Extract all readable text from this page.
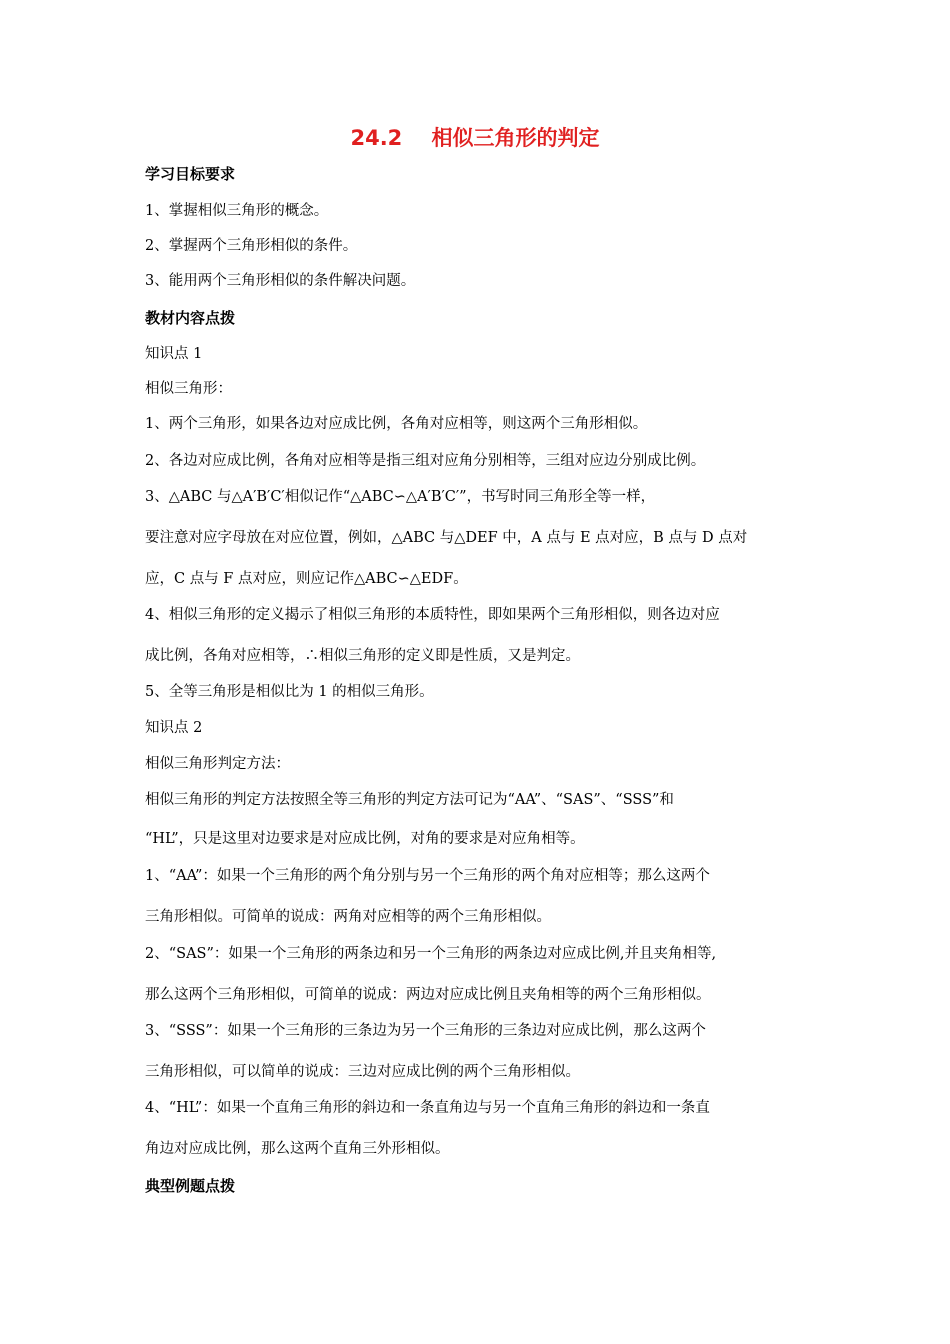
24.2    相似三角形的判定
学习目标要求
1、掌握相似三角形的概念。
2、掌握两个三角形相似的条件。
3、能用两个三角形相似的条件解决问题。
教材内容点拨
知识点 1
相似三角形：
1、两个三角形，如果各边对应成比例，各角对应相等，则这两个三角形相似。
2、各边对应成比例，各角对应相等是指三组对应角分别相等，三组对应边分别成比例。
3、△ABC 与△A′B′C′相似记作“△ABC∽△A′B′C′”，书写时同三角形全等一样，
要注意对应字母放在对应位置，例如，△ABC 与△DEF 中，A 点与 E 点对应，B 点与 D 点对
应，C 点与 F 点对应，则应记作△ABC∽△EDF。
4、相似三角形的定义揭示了相似三角形的本质特性，即如果两个三角形相似，则各边对应
成比例，各角对应相等，∴相似三角形的定义即是性质，又是判定。
5、全等三角形是相似比为 1 的相似三角形。
知识点 2
相似三角形判定方法：
相似三角形的判定方法按照全等三角形的判定方法可记为“AA”、“SAS”、“SSS”和
“HL”，只是这里对边要求是对应成比例，对角的要求是对应角相等。
1、“AA”：如果一个三角形的两个角分别与另一个三角形的两个角对应相等；那么这两个
三角形相似。可简单的说成：两角对应相等的两个三角形相似。
2、“SAS”：如果一个三角形的两条边和另一个三角形的两条边对应成比例,并且夹角相等,
那么这两个三角形相似，可简单的说成：两边对应成比例且夹角相等的两个三角形相似。
3、“SSS”：如果一个三角形的三条边为另一个三角形的三条边对应成比例，那么这两个
三角形相似，可以简单的说成：三边对应成比例的两个三角形相似。
4、“HL”：如果一个直角三角形的斜边和一条直角边与另一个直角三角形的斜边和一条直
角边对应成比例，那么这两个直角三外形相似。
典型例题点拨
